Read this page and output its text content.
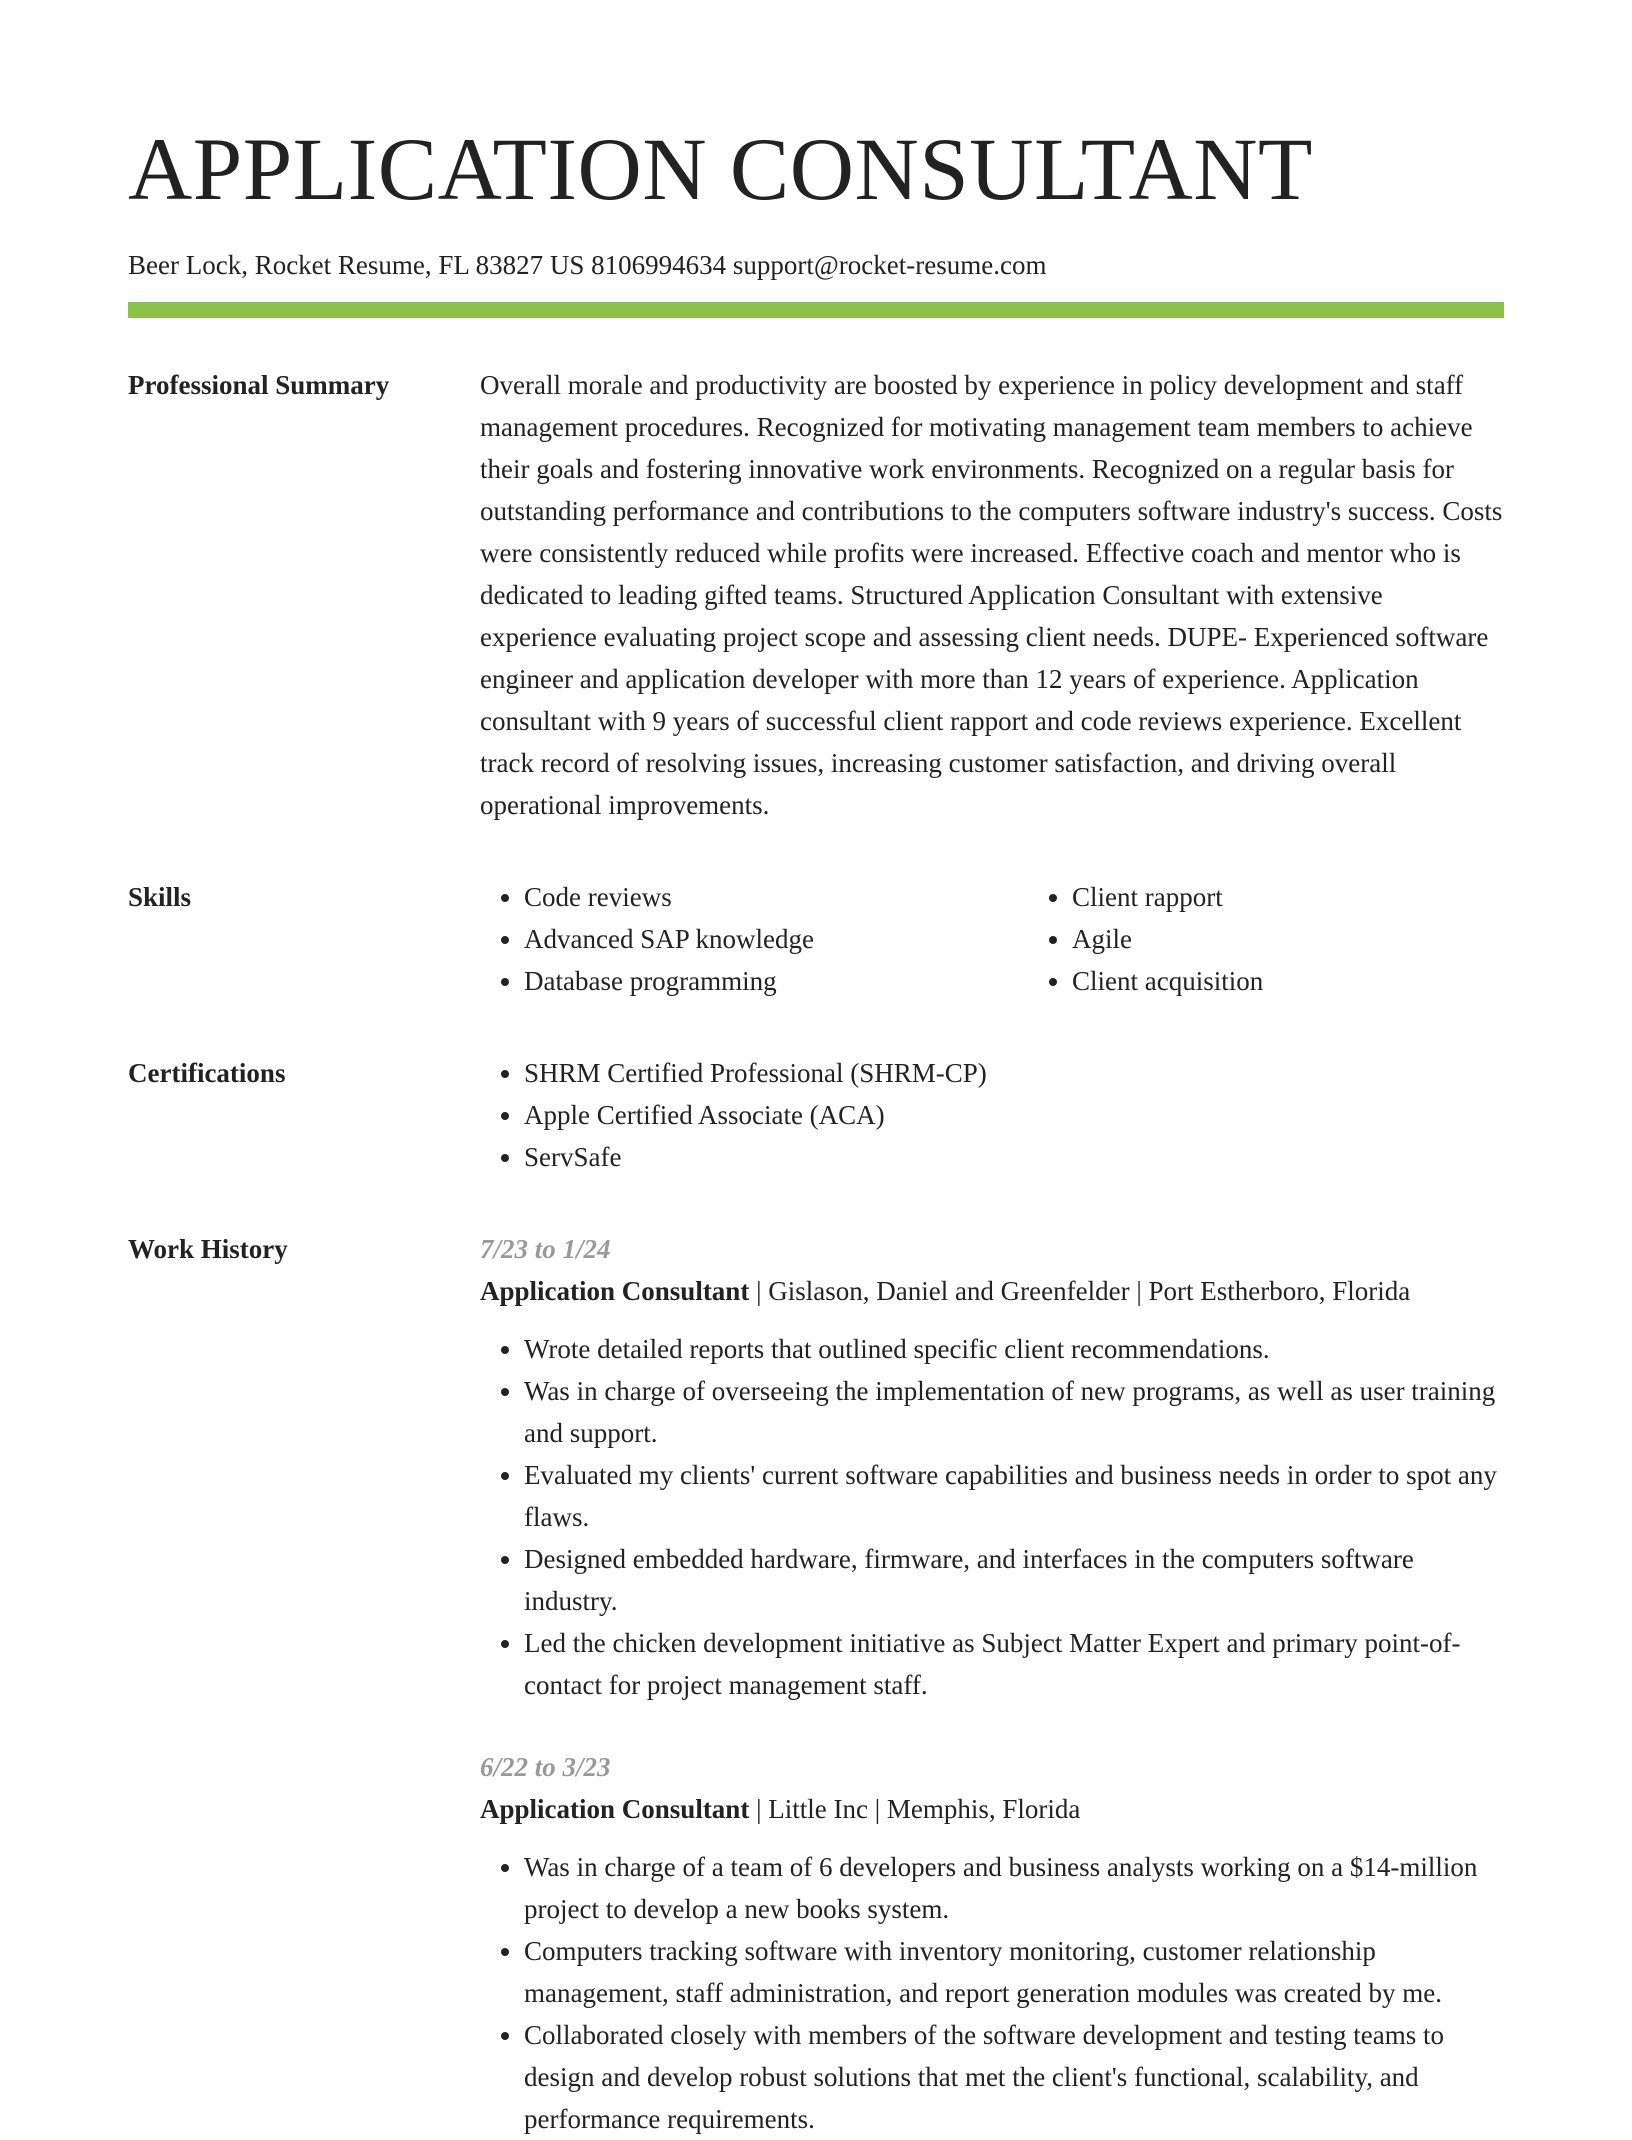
APPLICATION CONSULTANT
Beer Lock, Rocket Resume, FL 83827 US 8106994634 support@rocket-resume.com
Professional Summary	Overall morale and productivity are boosted by experience in policy development and staff management procedures. Recognized for motivating management team members to achieve their goals and fostering innovative work environments. Recognized on a regular basis for outstanding performance and contributions to the computers software industry's success. Costs were consistently reduced while profits were increased. Effective coach and mentor who is dedicated to leading gifted teams. Structured Application Consultant with extensive experience evaluating project scope and assessing client needs. DUPE- Experienced software engineer and application developer with more than 12 years of experience. Application consultant with 9 years of successful client rapport and code reviews experience. Excellent track record of resolving issues, increasing customer satisfaction, and driving overall operational improvements.

Skills	• Code reviews
• Advanced SAP knowledge
• Database programming
• Client rapport
• Agile
• Client acquisition
Certifications	• SHRM Certified Professional (SHRM-CP)
• Apple Certified Associate (ACA)
• ServSafe
Work History	7/23 to 1/24
Application Consultant | Gislason, Daniel and Greenfelder | Port Estherboro, Florida
• Wrote detailed reports that outlined specific client recommendations.
• Was in charge of overseeing the implementation of new programs, as well as user training and support.
• Evaluated my clients' current software capabilities and business needs in order to spot any flaws.
• Designed embedded hardware, firmware, and interfaces in the computers software industry.
• Led the chicken development initiative as Subject Matter Expert and primary point-of-contact for project management staff.
6/22 to 3/23
Application Consultant | Little Inc | Memphis, Florida
• Was in charge of a team of 6 developers and business analysts working on a $14-million project to develop a new books system.
• Computers tracking software with inventory monitoring, customer relationship management, staff administration, and report generation modules was created by me.
• Collaborated closely with members of the software development and testing teams to design and develop robust solutions that met the client's functional, scalability, and performance requirements.
